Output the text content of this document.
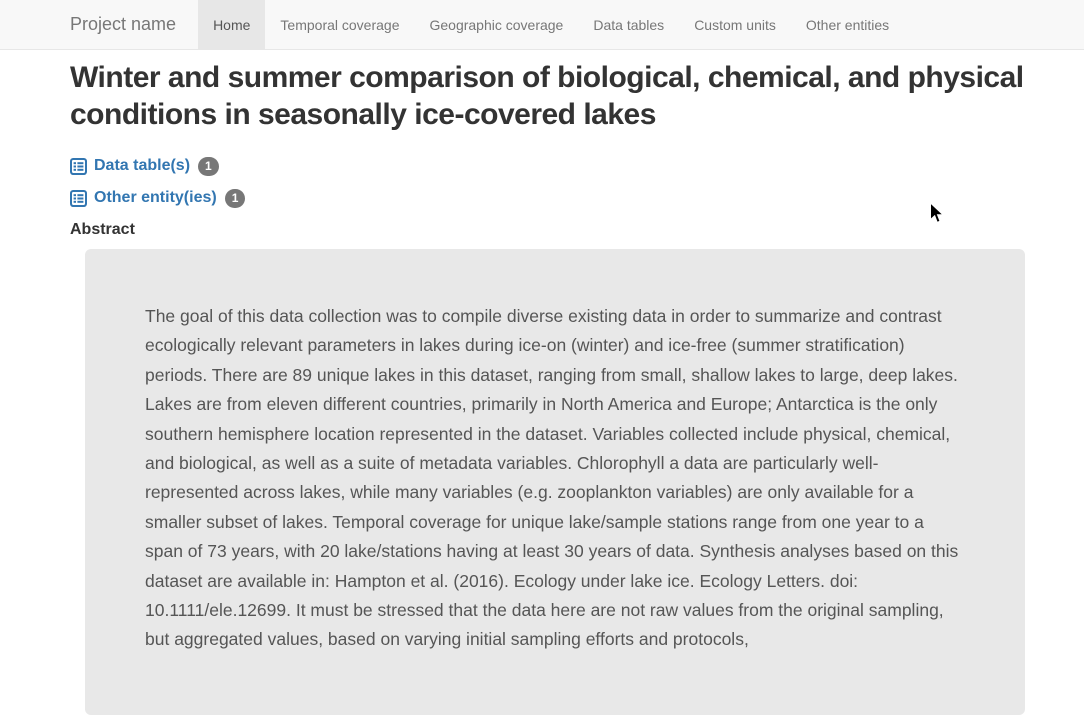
Project name	Home	Temporal coverage	Geographic coverage	Data tables	Custom units	Other entities
Winter and summer comparison of biological, chemical, and physical conditions in seasonally ice-covered lakes
Data table(s)	1
Other entity(ies)	1
Abstract

The goal of this data collection was to compile diverse existing data in order to summarize and contrast ecologically relevant parameters in lakes during ice-on (winter) and ice-free (summer stratification) periods. There are 89 unique lakes in this dataset, ranging from small, shallow lakes to large, deep lakes. Lakes are from eleven different countries, primarily in North America and Europe; Antarctica is the only southern hemisphere location represented in the dataset. Variables collected include physical, chemical, and biological, as well as a suite of metadata variables. Chlorophyll a data are particularly well-represented across lakes, while many variables (e.g. zooplankton variables) are only available for a smaller subset of lakes. Temporal coverage for unique lake/sample stations range from one year to a span of 73 years, with 20 lake/stations having at least 30 years of data. Synthesis analyses based on this dataset are available in: Hampton et al. (2016). Ecology under lake ice. Ecology Letters. doi: 10.1111/ele.12699. It must be stressed that the data here are not raw values from the original sampling, but aggregated values, based on varying initial sampling efforts and protocols,
